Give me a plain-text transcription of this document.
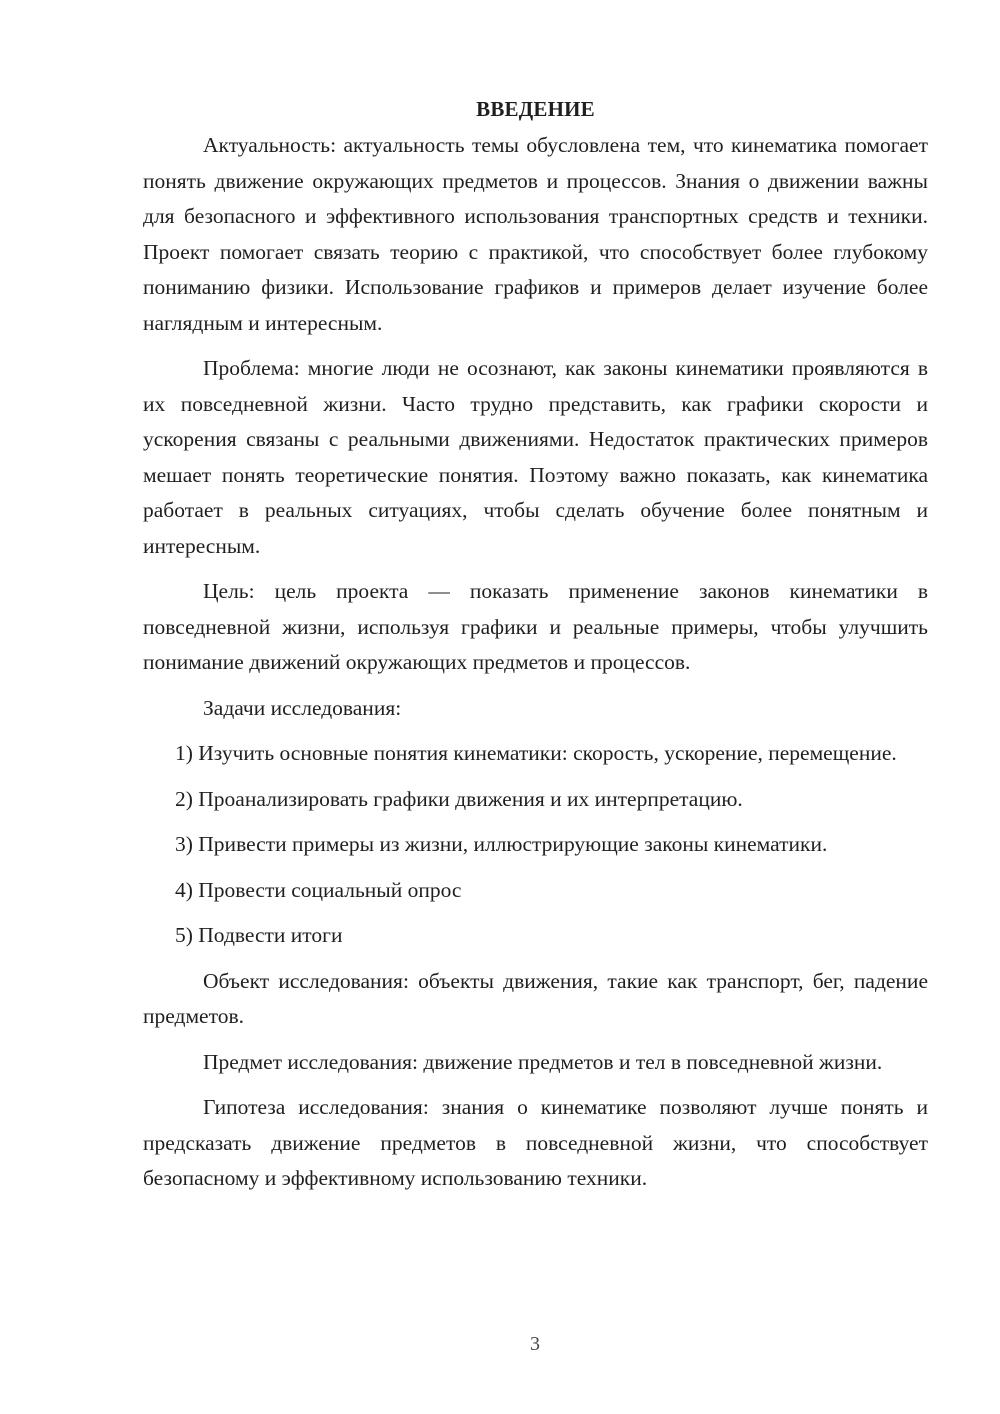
ВВЕДЕНИЕ

Актуальность: актуальность темы обусловлена тем, что кинематика помогает понять движение окружающих предметов и процессов. Знания о движении важны для безопасного и эффективного использования транспортных средств и техники. Проект помогает связать теорию с практикой, что способствует более глубокому пониманию физики. Использование графиков и примеров делает изучение более наглядным и интересным.

Проблема: многие люди не осознают, как законы кинематики проявляются в их повседневной жизни. Часто трудно представить, как графики скорости и ускорения связаны с реальными движениями. Недостаток практических примеров мешает понять теоретические понятия. Поэтому важно показать, как кинематика работает в реальных ситуациях, чтобы сделать обучение более понятным и интересным.

Цель: цель проекта — показать применение законов кинематики в повседневной жизни, используя графики и реальные примеры, чтобы улучшить понимание движений окружающих предметов и процессов.

Задачи исследования:

1) Изучить основные понятия кинематики: скорость, ускорение, перемещение.

2) Проанализировать графики движения и их интерпретацию.

3) Привести примеры из жизни, иллюстрирующие законы кинематики.

4) Провести социальный опрос

5) Подвести итоги

Объект исследования: объекты движения, такие как транспорт, бег, падение предметов.

Предмет исследования: движение предметов и тел в повседневной жизни.

Гипотеза исследования: знания о кинематике позволяют лучше понять и предсказать движение предметов в повседневной жизни, что способствует безопасному и эффективному использованию техники.

3
